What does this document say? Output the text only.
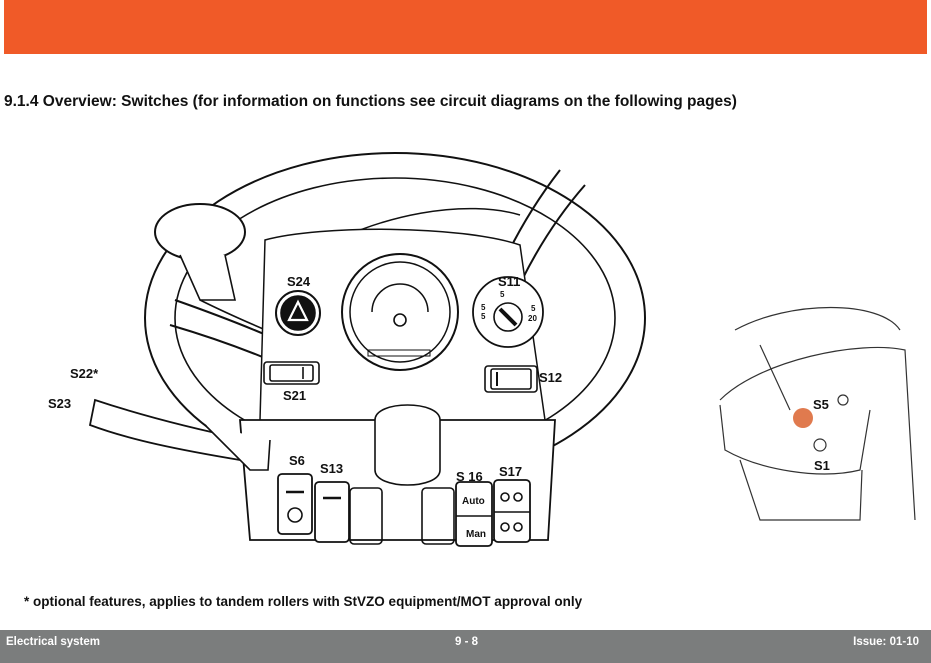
9.1.4 Overview: Switches (for information on functions see circuit diagrams on the following pages)
S24	S11
S12
S21
S22*
S23
S6
S13
S 16 S17
S5
S1
Auto
Man
5
5
5
5
20
* optional features, applies to tandem rollers with StVZO equipment/MOT approval only
Electrical system	9 - 8	Issue: 01-10
